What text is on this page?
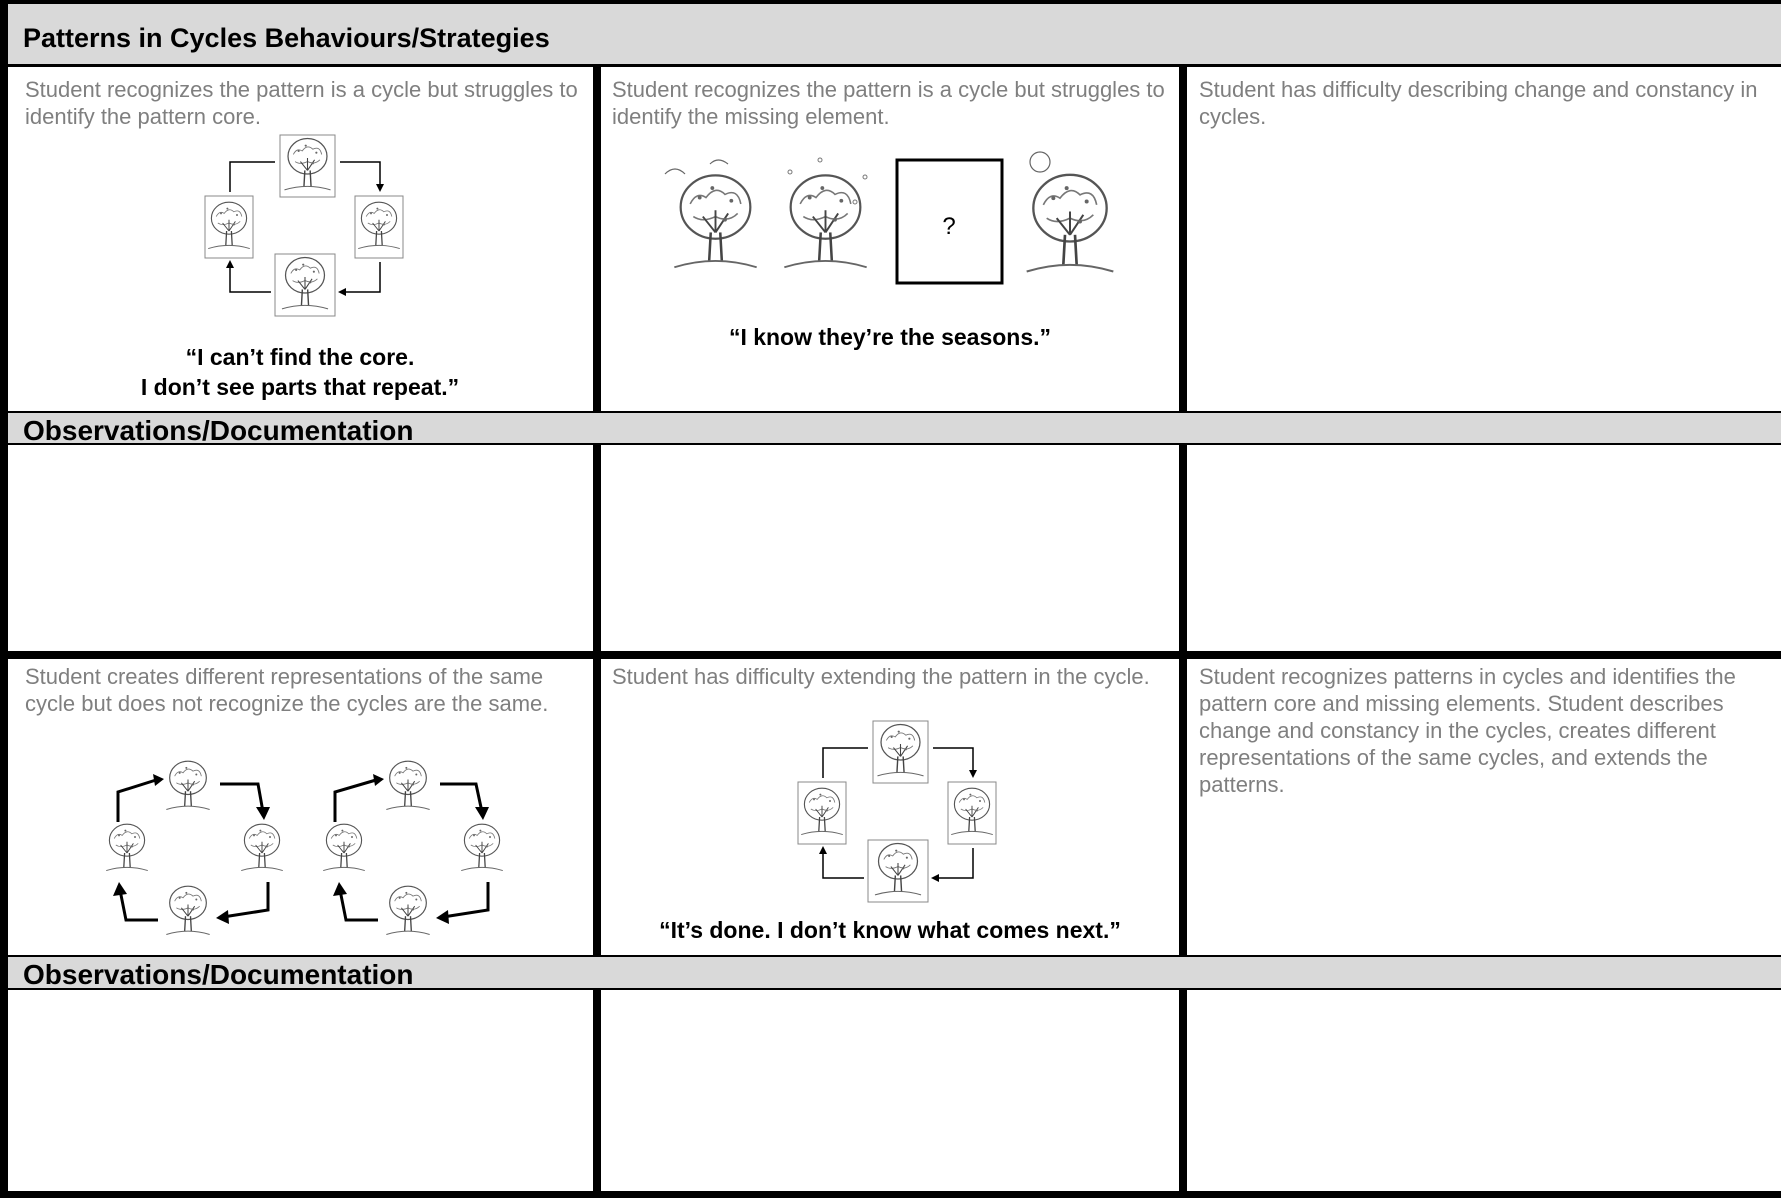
Patterns in Cycles Behaviours/Strategies
Observations/Documentation
Observations/Documentation
Student recognizes the pattern is a cycle but struggles to identify the pattern core.
“I can’t find the core.
I don’t see parts that repeat.”
Student recognizes the pattern is a cycle but struggles to identify the missing element.
?
“I know they’re the seasons.”
Student has difficulty describing change and constancy in cycles.
Student creates different representations of the same cycle but does not recognize the cycles are the same.
Student has difficulty extending the pattern in the cycle.
“It’s done. I don’t know what comes next.”
Student recognizes patterns in cycles and identifies the pattern core and missing elements. Student describes change and constancy in the cycles, creates different representations of the same cycles, and extends the patterns.
